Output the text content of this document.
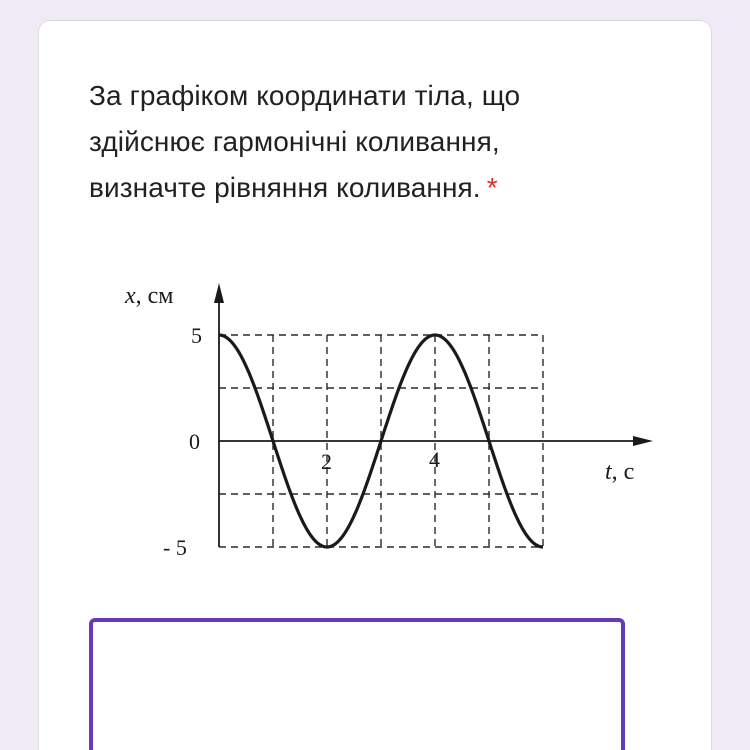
За графіком координати тіла, що
здійснює гармонічні коливання,
визначте рівняння коливання. *
x, см
t, c
5
0
- 5
2	4
